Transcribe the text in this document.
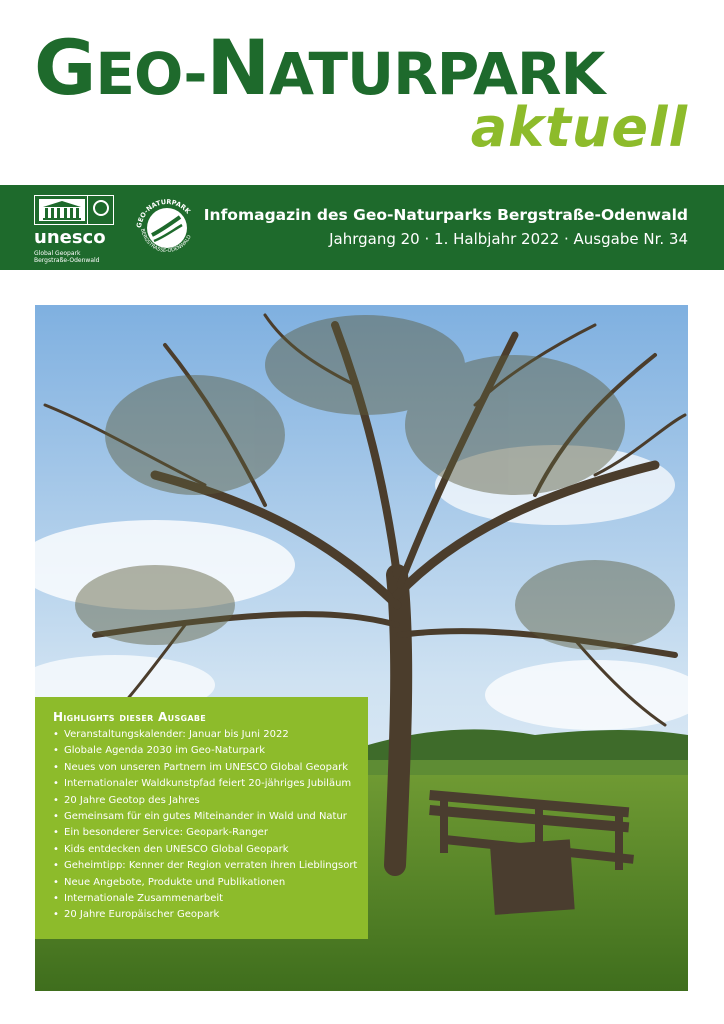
GEO-NATURPARK
aktuell
unesco
Global Geopark
Bergstraße-Odenwald
GEO-NATURPARK
BERGSTRASSE-ODENWALD
Infomagazin des Geo-Naturparks Bergstraße-Odenwald
Jahrgang 20 · 1. Halbjahr 2022 · Ausgabe Nr. 34
Highlights dieser Ausgabe
• Veranstaltungskalender: Januar bis Juni 2022
• Globale Agenda 2030 im Geo-Naturpark
• Neues von unseren Partnern im UNESCO Global Geopark
• Internationaler Waldkunstpfad feiert 20-jähriges Jubiläum
• 20 Jahre Geotop des Jahres
• Gemeinsam für ein gutes Miteinander in Wald und Natur
• Ein besonderer Service: Geopark-Ranger
• Kids entdecken den UNESCO Global Geopark
• Geheimtipp: Kenner der Region verraten ihren Lieblingsort
• Neue Angebote, Produkte und Publikationen
• Internationale Zusammenarbeit
• 20 Jahre Europäischer Geopark
